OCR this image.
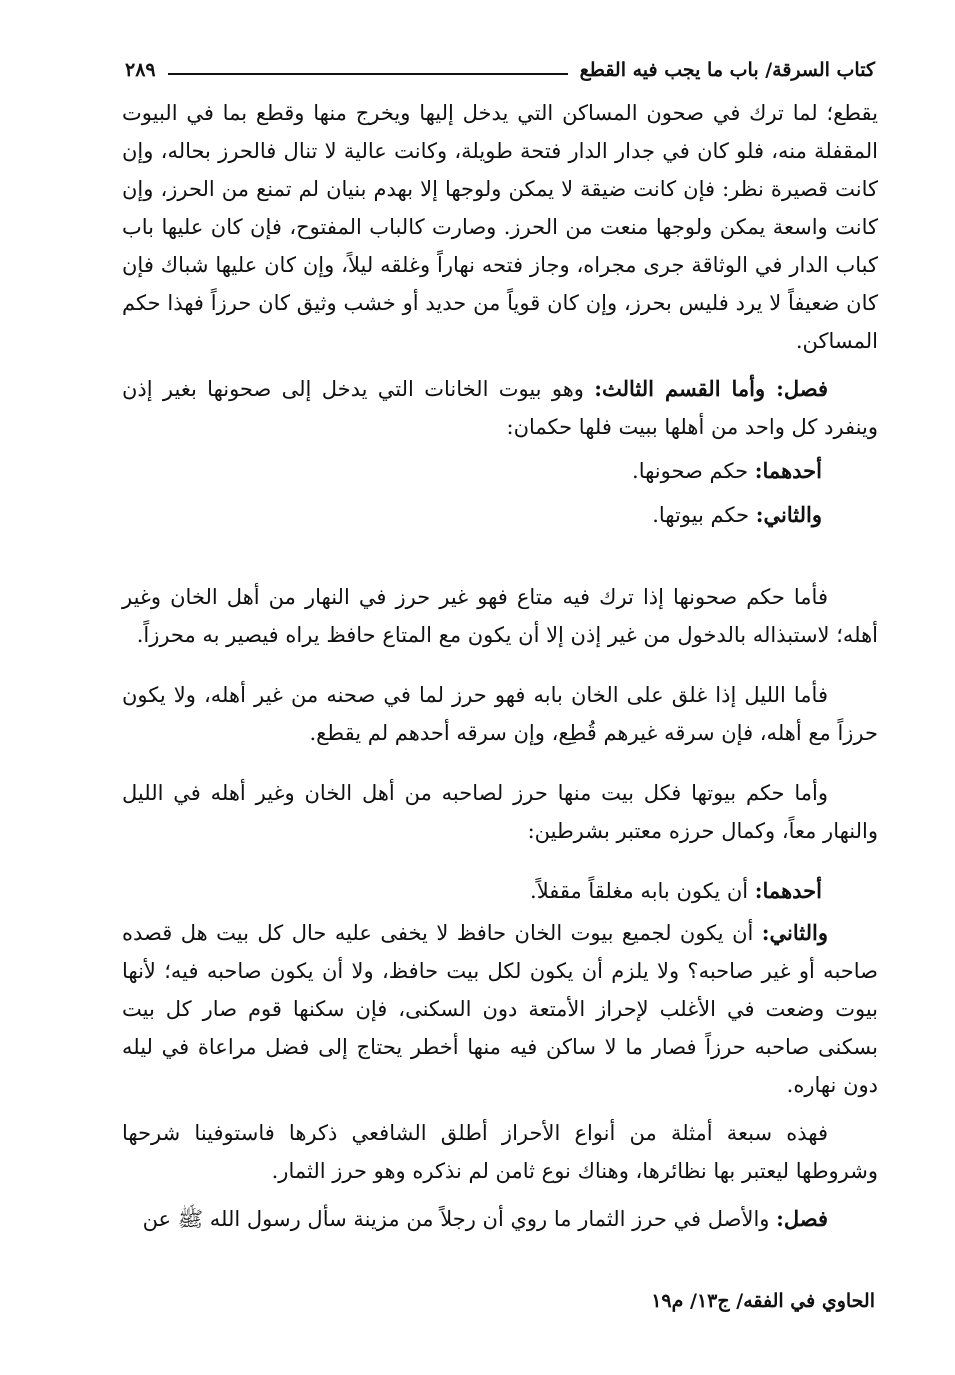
كتاب السرقة/ باب ما يجب فيه القطع
٢٨٩

يقطع؛ لما ترك في صحون المساكن التي يدخل إليها ويخرج منها وقطع بما في البيوت المقفلة منه، فلو كان في جدار الدار فتحة طويلة، وكانت عالية لا تنال فالحرز بحاله، وإن كانت قصيرة نظر: فإن كانت ضيقة لا يمكن ولوجها إلا بهدم بنيان لم تمنع من الحرز، وإن كانت واسعة يمكن ولوجها منعت من الحرز. وصارت كالباب المفتوح، فإن كان عليها باب كباب الدار في الوثاقة جرى مجراه، وجاز فتحه نهاراً وغلقه ليلاً، وإن كان عليها شباك فإن كان ضعيفاً لا يرد فليس بحرز، وإن كان قوياً من حديد أو خشب وثيق كان حرزاً فهذا حكم المساكن.

فصل: وأما القسم الثالث: وهو بيوت الخانات التي يدخل إلى صحونها بغير إذن وينفرد كل واحد من أهلها ببيت فلها حكمان:

أحدهما: حكم صحونها.

والثاني: حكم بيوتها.

فأما حكم صحونها إذا ترك فيه متاع فهو غير حرز في النهار من أهل الخان وغير أهله؛ لاستبذاله بالدخول من غير إذن إلا أن يكون مع المتاع حافظ يراه فيصير به محرزاً.

فأما الليل إذا غلق على الخان بابه فهو حرز لما في صحنه من غير أهله، ولا يكون حرزاً مع أهله، فإن سرقه غيرهم قُطِع، وإن سرقه أحدهم لم يقطع.

وأما حكم بيوتها فكل بيت منها حرز لصاحبه من أهل الخان وغير أهله في الليل والنهار معاً، وكمال حرزه معتبر بشرطين:

أحدهما: أن يكون بابه مغلقاً مقفلاً.

والثاني: أن يكون لجميع بيوت الخان حافظ لا يخفى عليه حال كل بيت هل قصده صاحبه أو غير صاحبه؟ ولا يلزم أن يكون لكل بيت حافظ، ولا أن يكون صاحبه فيه؛ لأنها بيوت وضعت في الأغلب لإحراز الأمتعة دون السكنى، فإن سكنها قوم صار كل بيت بسكنى صاحبه حرزاً فصار ما لا ساكن فيه منها أخطر يحتاج إلى فضل مراعاة في ليله دون نهاره.

فهذه سبعة أمثلة من أنواع الأحراز أطلق الشافعي ذكرها فاستوفينا شرحها وشروطها ليعتبر بها نظائرها، وهناك نوع ثامن لم نذكره وهو حرز الثمار.

فصل: والأصل في حرز الثمار ما روي أن رجلاً من مزينة سأل رسول الله ﷺ عن

الحاوي في الفقه/ ج١٣/ م١٩
